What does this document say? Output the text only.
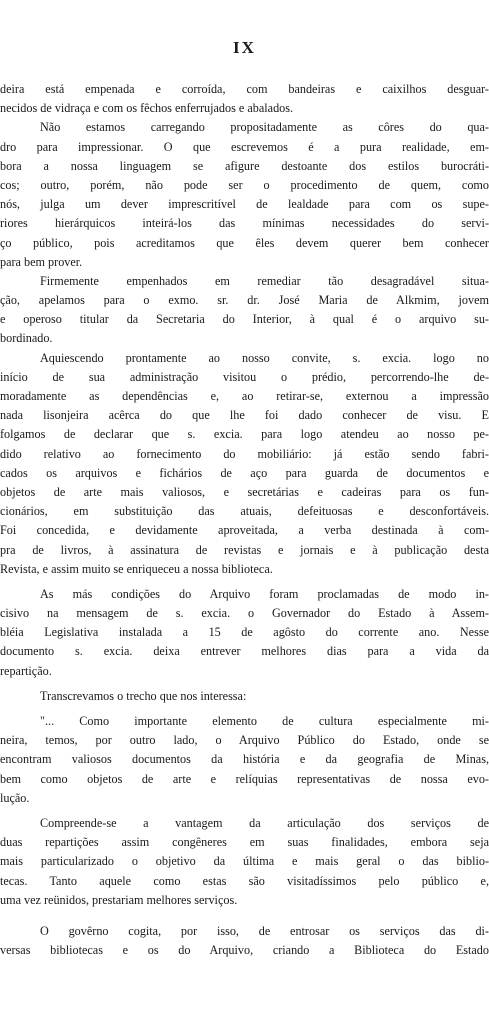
IX
deira está empenada e corroída, com bandeiras e caixilhos desguar-
necidos de vidraça e com os fêchos enferrujados e abalados.
Não estamos carregando propositadamente as côres do qua-
dro para impressionar. O que escrevemos é a pura realidade, em-
bora a nossa linguagem se afigure destoante dos estilos burocráti-
cos; outro, porém, não pode ser o procedimento de quem, como
nós, julga um dever imprescritível de lealdade para com os supe-
riores hierárquicos inteirá-los das mínimas necessidades do servi-
ço público, pois acreditamos que êles devem querer bem conhecer
para bem prover.
Firmemente empenhados em remediar tão desagradável situa-
ção, apelamos para o exmo. sr. dr. José Maria de Alkmim, jovem
e operoso titular da Secretaria do Interior, à qual é o arquivo su-
bordinado.
Aquiescendo prontamente ao nosso convite, s. excia. logo no
início de sua administração visitou o prédio, percorrendo-lhe de-
moradamente as dependências e, ao retirar-se, externou a impressão
nada lisonjeira acêrca do que lhe foi dado conhecer de visu. E
folgamos de declarar que s. excia. para logo atendeu ao nosso pe-
dido relativo ao fornecimento do mobiliário: já estão sendo fabri-
cados os arquivos e fichários de aço para guarda de documentos e
objetos de arte mais valiosos, e secretárias e cadeiras para os fun-
cionários, em substituição das atuais, defeituosas e desconfortáveis.
Foi concedida, e devidamente aproveitada, a verba destinada à com-
pra de livros, à assinatura de revistas e jornais e à publicação desta
Revista, e assim muito se enriqueceu a nossa biblioteca.
As más condições do Arquivo foram proclamadas de modo in-
cisivo na mensagem de s. excia. o Governador do Estado à Assem-
bléia Legislativa instalada a 15 de agôsto do corrente ano. Nesse
documento s. excia. deixa entrever melhores dias para a vida da
repartição.
Transcrevamos o trecho que nos interessa:
"... Como importante elemento de cultura especialmente mi-
neira, temos, por outro lado, o Arquivo Público do Estado, onde se
encontram valiosos documentos da história e da geografia de Minas,
bem como objetos de arte e relíquias representativas de nossa evo-
lução.
Compreende-se a vantagem da articulação dos serviços de
duas repartições assim congêneres em suas finalidades, embora seja
mais particularizado o objetivo da última e mais geral o das biblio-
tecas. Tanto aquele como estas são visitadíssimos pelo público e,
uma vez reünidos, prestariam melhores serviços.
O govêrno cogita, por isso, de entrosar os serviços das di-
versas bibliotecas e os do Arquivo, criando a Biblioteca do Estado
